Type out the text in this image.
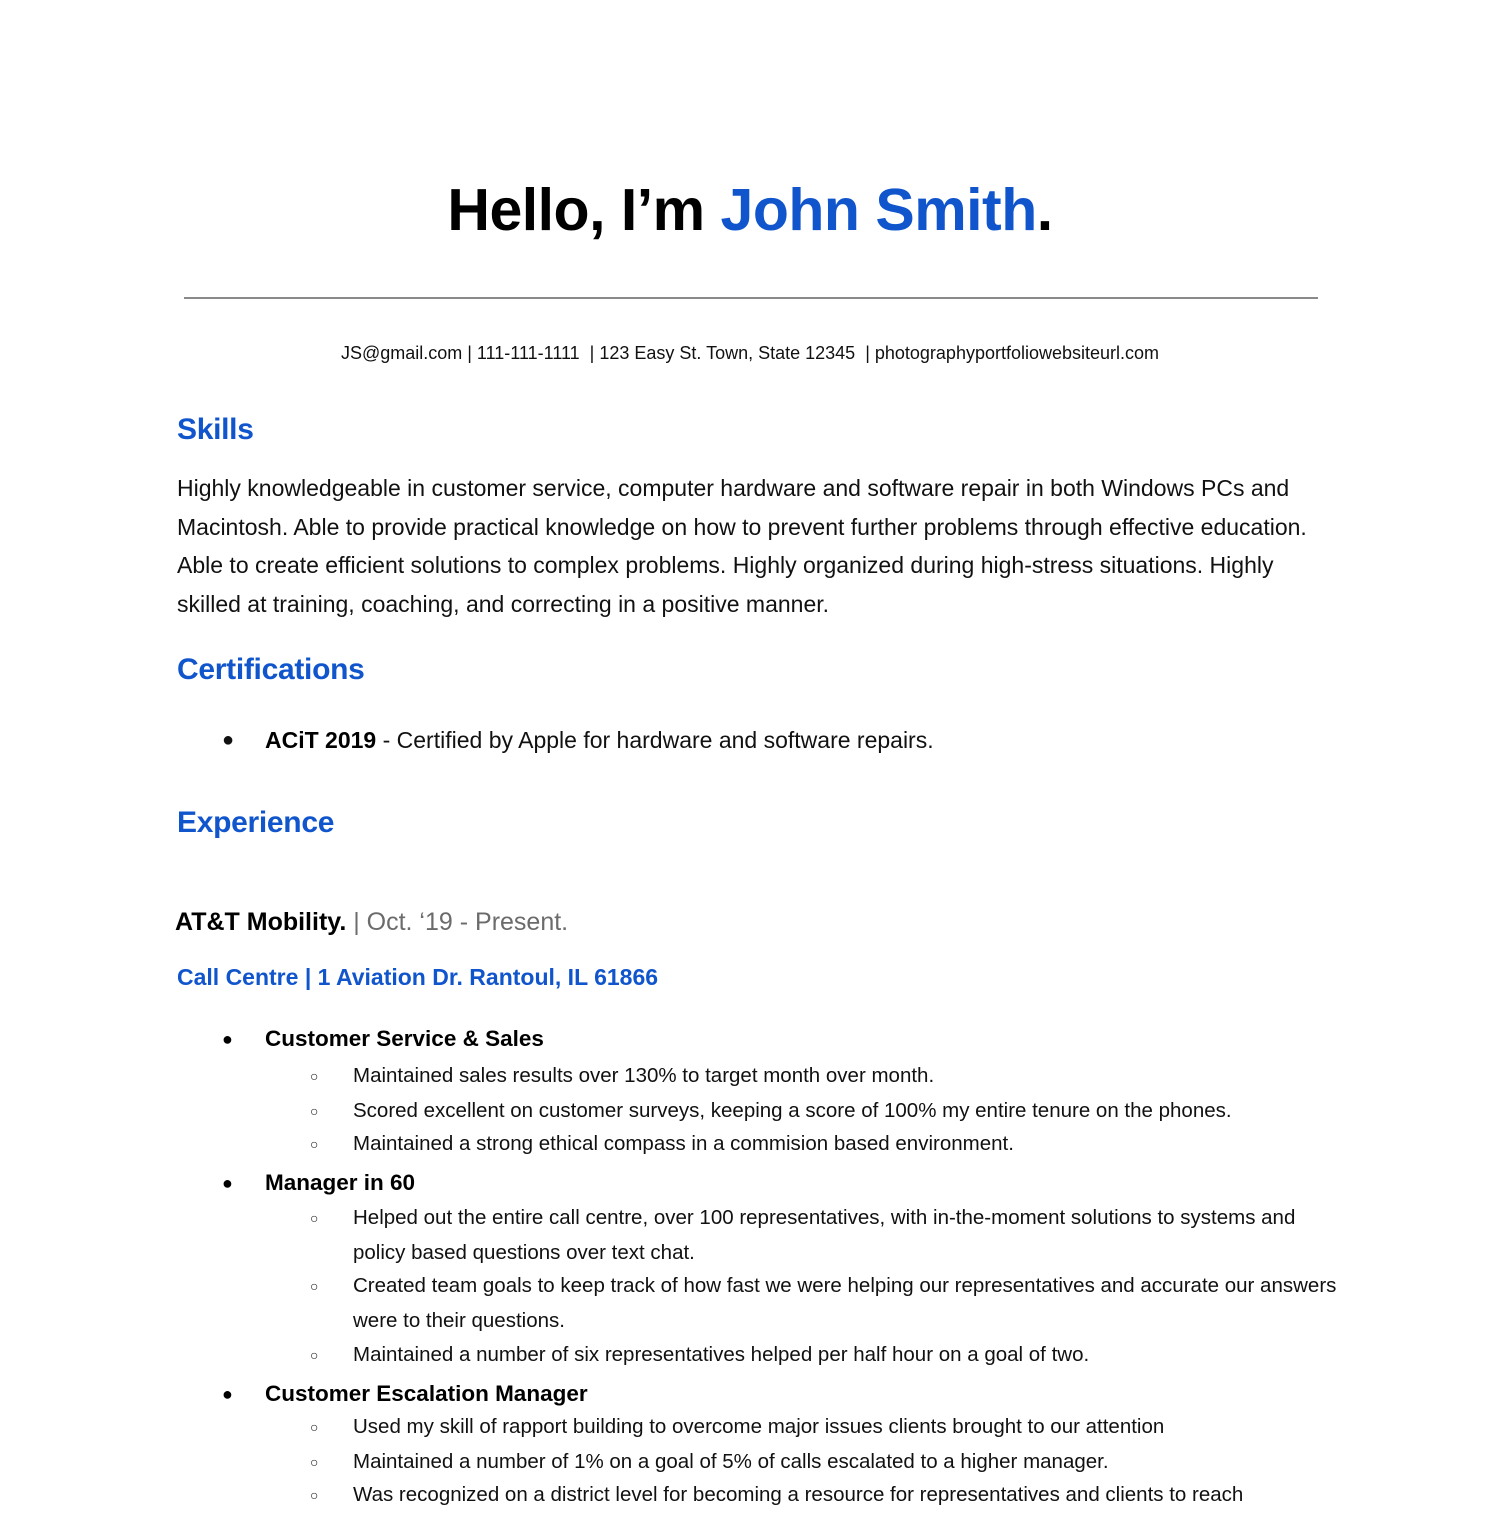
Hello, I’m John Smith.
JS@gmail.com | 111-111-1111  | 123 Easy St. Town, State 12345  | photographyportfoliowebsiteurl.com
Skills
Highly knowledgeable in customer service, computer hardware and software repair in both Windows PCs and Macintosh. Able to provide practical knowledge on how to prevent further problems through effective education. Able to create efficient solutions to complex problems. Highly organized during high-stress situations. Highly skilled at training, coaching, and correcting in a positive manner.
Certifications
● ACiT 2019 - Certified by Apple for hardware and software repairs.
Experience
AT&T Mobility. | Oct. ‘19 - Present.
Call Centre | 1 Aviation Dr. Rantoul, IL 61866
● Customer Service & Sales
○ Maintained sales results over 130% to target month over month.
○ Scored excellent on customer surveys, keeping a score of 100% my entire tenure on the phones.
○ Maintained a strong ethical compass in a commision based environment.
● Manager in 60
○ Helped out the entire call centre, over 100 representatives, with in-the-moment solutions to systems and policy based questions over text chat.
○ Created team goals to keep track of how fast we were helping our representatives and accurate our answers were to their questions.
○ Maintained a number of six representatives helped per half hour on a goal of two.
● Customer Escalation Manager
○ Used my skill of rapport building to overcome major issues clients brought to our attention
○ Maintained a number of 1% on a goal of 5% of calls escalated to a higher manager.
○ Was recognized on a district level for becoming a resource for representatives and clients to reach
